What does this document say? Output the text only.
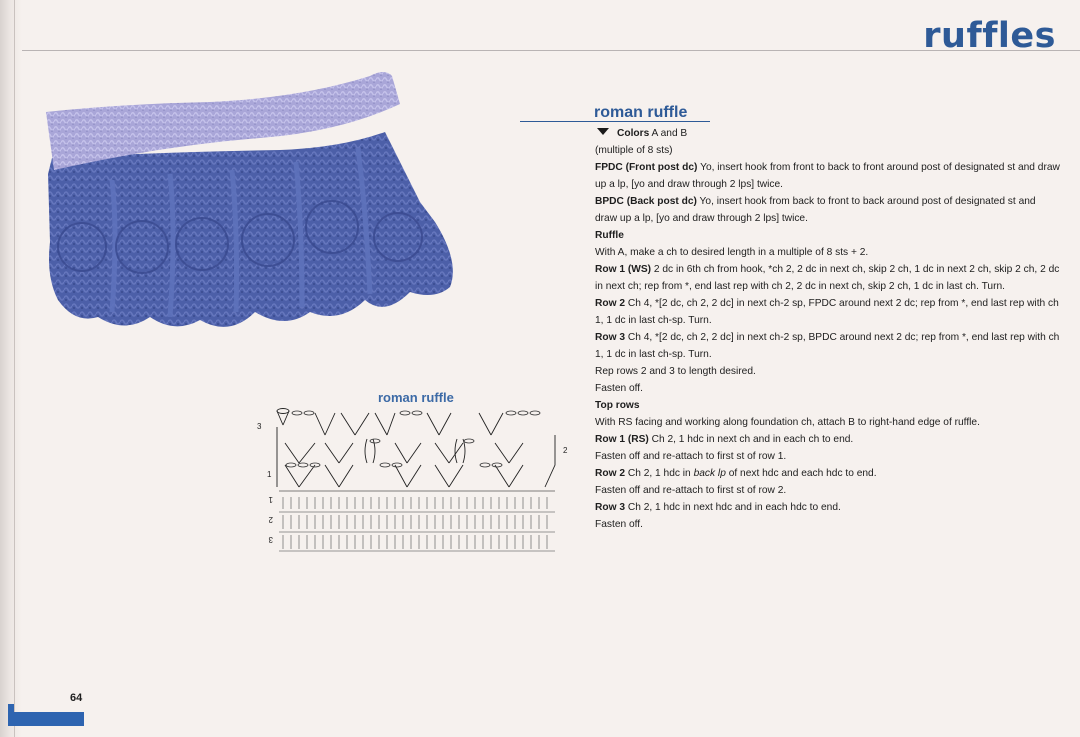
ruffles
roman ruffle
3
1
2
1
2
3
roman ruffle

Colors A and B

(multiple of 8 sts)

FPDC (Front post dc) Yo, insert hook from front to back to front around post of designated st and draw up a lp, [yo and draw through 2 lps] twice.

BPDC (Back post dc) Yo, insert hook from back to front to back around post of designated st and draw up a lp, [yo and draw through 2 lps] twice.

Ruffle

With A, make a ch to desired length in a multiple of 8 sts + 2.

Row 1 (WS) 2 dc in 6th ch from hook, *ch 2, 2 dc in next ch, skip 2 ch, 1 dc in next 2 ch, skip 2 ch, 2 dc in next ch; rep from *, end last rep with ch 2, 2 dc in next ch, skip 2 ch, 1 dc in last ch. Turn.

Row 2 Ch 4, *[2 dc, ch 2, 2 dc] in next ch-2 sp, FPDC around next 2 dc; rep from *, end last rep with ch 1, 1 dc in last ch-sp. Turn.

Row 3 Ch 4, *[2 dc, ch 2, 2 dc] in next ch-2 sp, BPDC around next 2 dc; rep from *, end last rep with ch 1, 1 dc in last ch-sp. Turn.

Rep rows 2 and 3 to length desired.

Fasten off.

Top rows

With RS facing and working along foundation ch, attach B to right-hand edge of ruffle.

Row 1 (RS) Ch 2, 1 hdc in next ch and in each ch to end.

Fasten off and re-attach to first st of row 1.

Row 2 Ch 2, 1 hdc in back lp of next hdc and each hdc to end.

Fasten off and re-attach to first st of row 2.

Row 3 Ch 2, 1 hdc in next hdc and in each hdc to end.

Fasten off.

64
